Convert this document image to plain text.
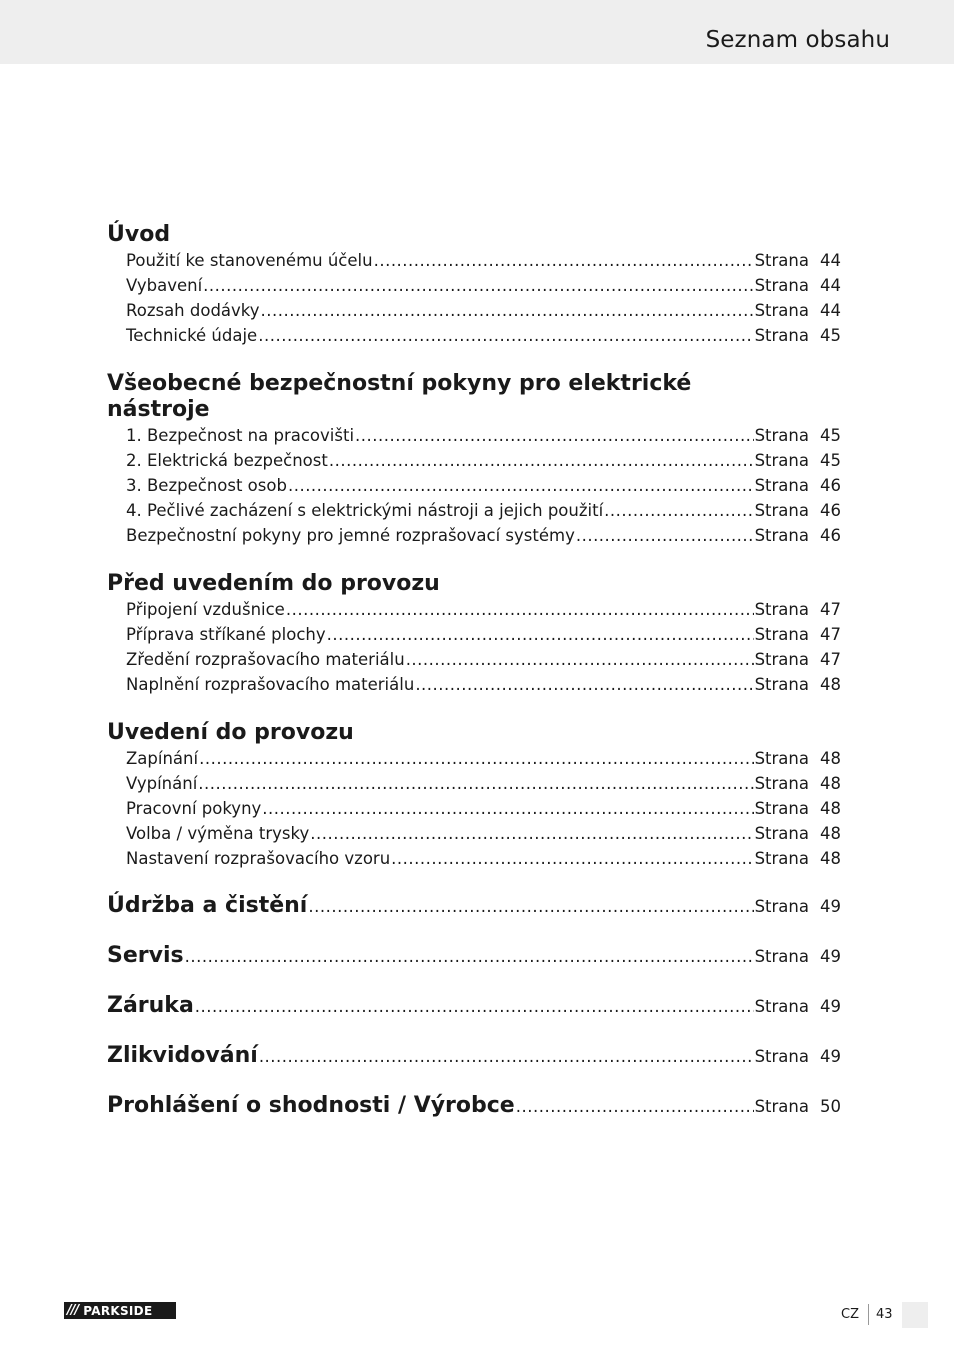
Seznam obsahu
Úvod
Použití ke stanovenému účelu .....	Strana 44
Vybavení .....	Strana 44
Rozsah dodávky .....	Strana 44
Technické údaje .....	Strana 45
Všeobecné bezpečnostní pokyny pro elektrické
nástroje
1. Bezpečnost na pracovišti .....	Strana 45
2. Elektrická bezpečnost .....	Strana 45
3. Bezpečnost osob .....	Strana 46
4. Pečlivé zacházení s elektrickými nástroji a jejich použití .....	Strana 46
Bezpečnostní pokyny pro jemné rozprašovací systémy .....	Strana 46
Před uvedením do provozu
Připojení vzdušnice .....	Strana 47
Příprava stříkané plochy .....	Strana 47
Zředění rozprašovacího materiálu .....	Strana 47
Naplnění rozprašovacího materiálu .....	Strana 48
Uvedení do provozu
Zapínání .....	Strana 48
Vypínání .....	Strana 48
Pracovní pokyny .....	Strana 48
Volba / výměna trysky .....	Strana 48
Nastavení rozprašovacího vzoru .....	Strana 48
Údržba a čistění .....	Strana 49
Servis .....	Strana 49
Záruka .....	Strana 49
Zlikvidování .....	Strana 49
Prohlášení o shodnosti / Výrobce .....	Strana 50
/// PARKSIDE	CZ 43
